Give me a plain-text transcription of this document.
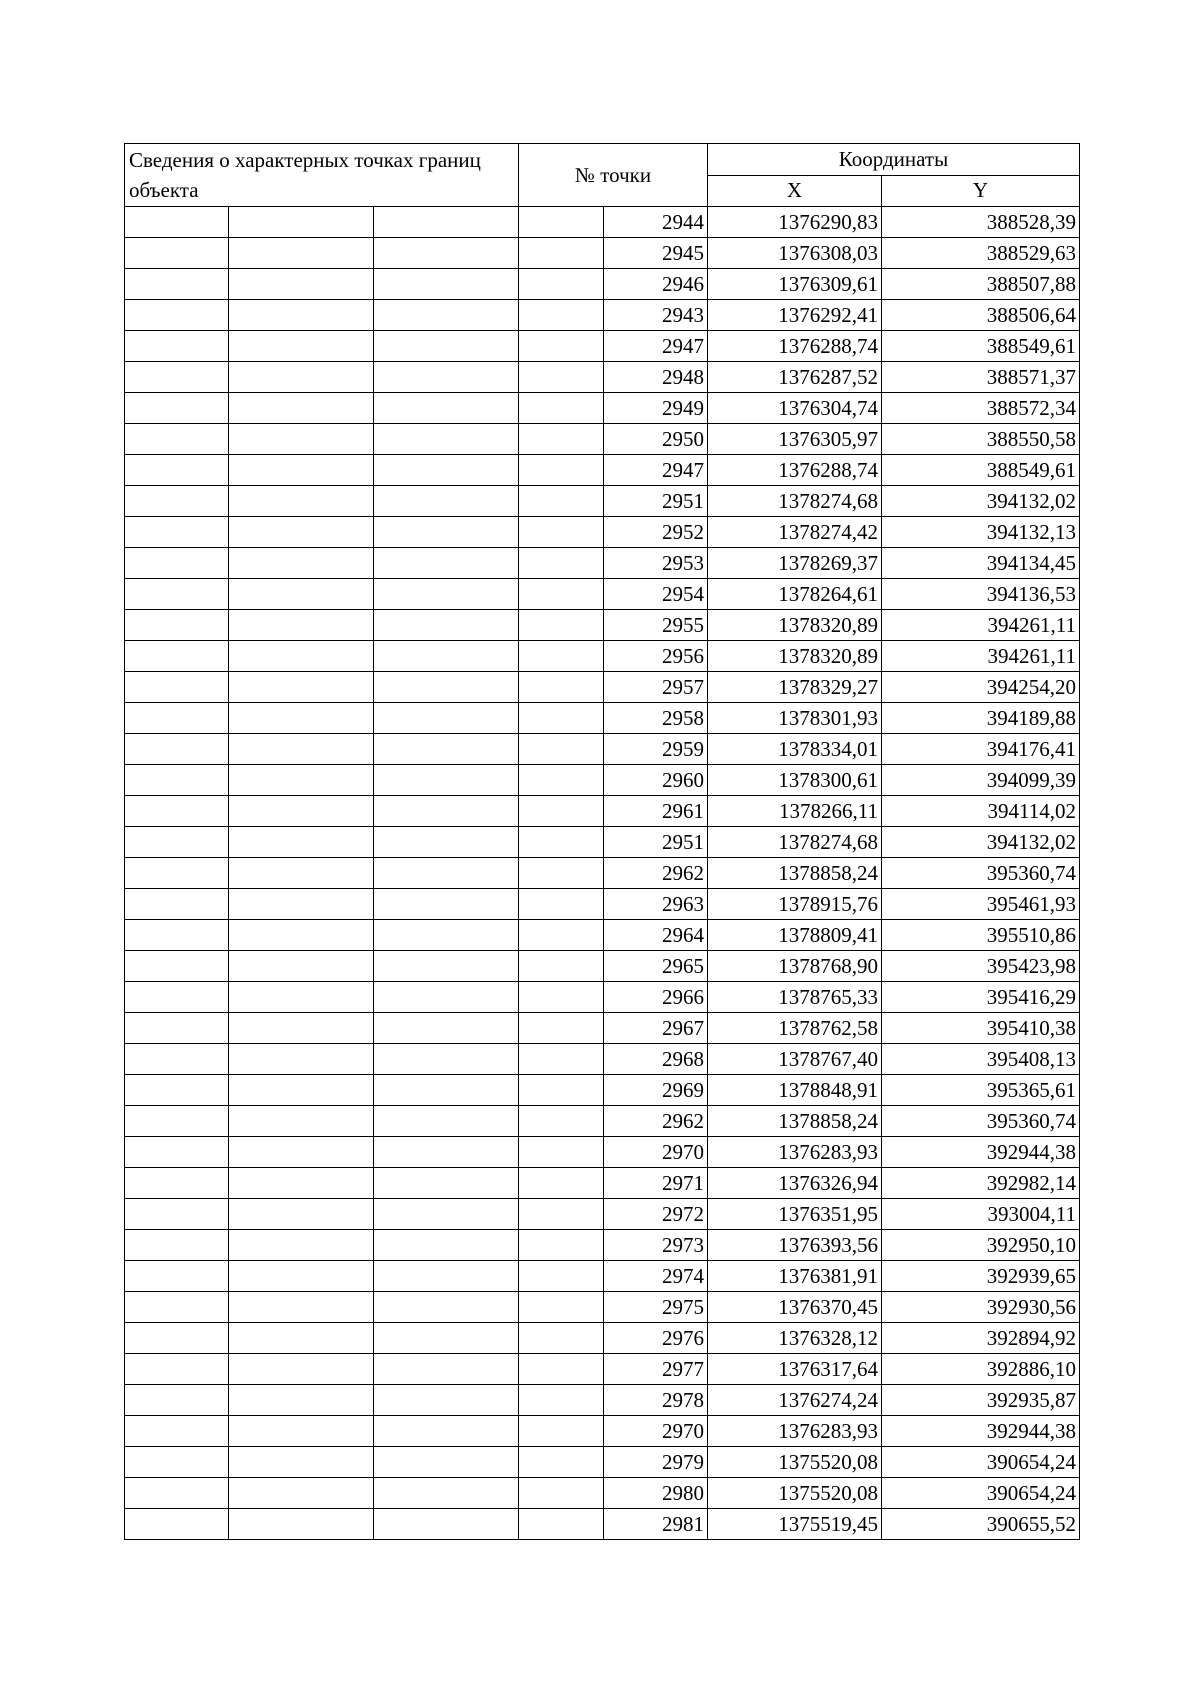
Сведения о характерных точках границ объекта			№ точки		Координаты	
					X	Y
				2944	1376290,83	388528,39
				2945	1376308,03	388529,63
				2946	1376309,61	388507,88
				2943	1376292,41	388506,64
				2947	1376288,74	388549,61
				2948	1376287,52	388571,37
				2949	1376304,74	388572,34
				2950	1376305,97	388550,58
				2947	1376288,74	388549,61
				2951	1378274,68	394132,02
				2952	1378274,42	394132,13
				2953	1378269,37	394134,45
				2954	1378264,61	394136,53
				2955	1378320,89	394261,11
				2956	1378320,89	394261,11
				2957	1378329,27	394254,20
				2958	1378301,93	394189,88
				2959	1378334,01	394176,41
				2960	1378300,61	394099,39
				2961	1378266,11	394114,02
				2951	1378274,68	394132,02
				2962	1378858,24	395360,74
				2963	1378915,76	395461,93
				2964	1378809,41	395510,86
				2965	1378768,90	395423,98
				2966	1378765,33	395416,29
				2967	1378762,58	395410,38
				2968	1378767,40	395408,13
				2969	1378848,91	395365,61
				2962	1378858,24	395360,74
				2970	1376283,93	392944,38
				2971	1376326,94	392982,14
				2972	1376351,95	393004,11
				2973	1376393,56	392950,10
				2974	1376381,91	392939,65
				2975	1376370,45	392930,56
				2976	1376328,12	392894,92
				2977	1376317,64	392886,10
				2978	1376274,24	392935,87
				2970	1376283,93	392944,38
				2979	1375520,08	390654,24
				2980	1375520,08	390654,24
				2981	1375519,45	390655,52
